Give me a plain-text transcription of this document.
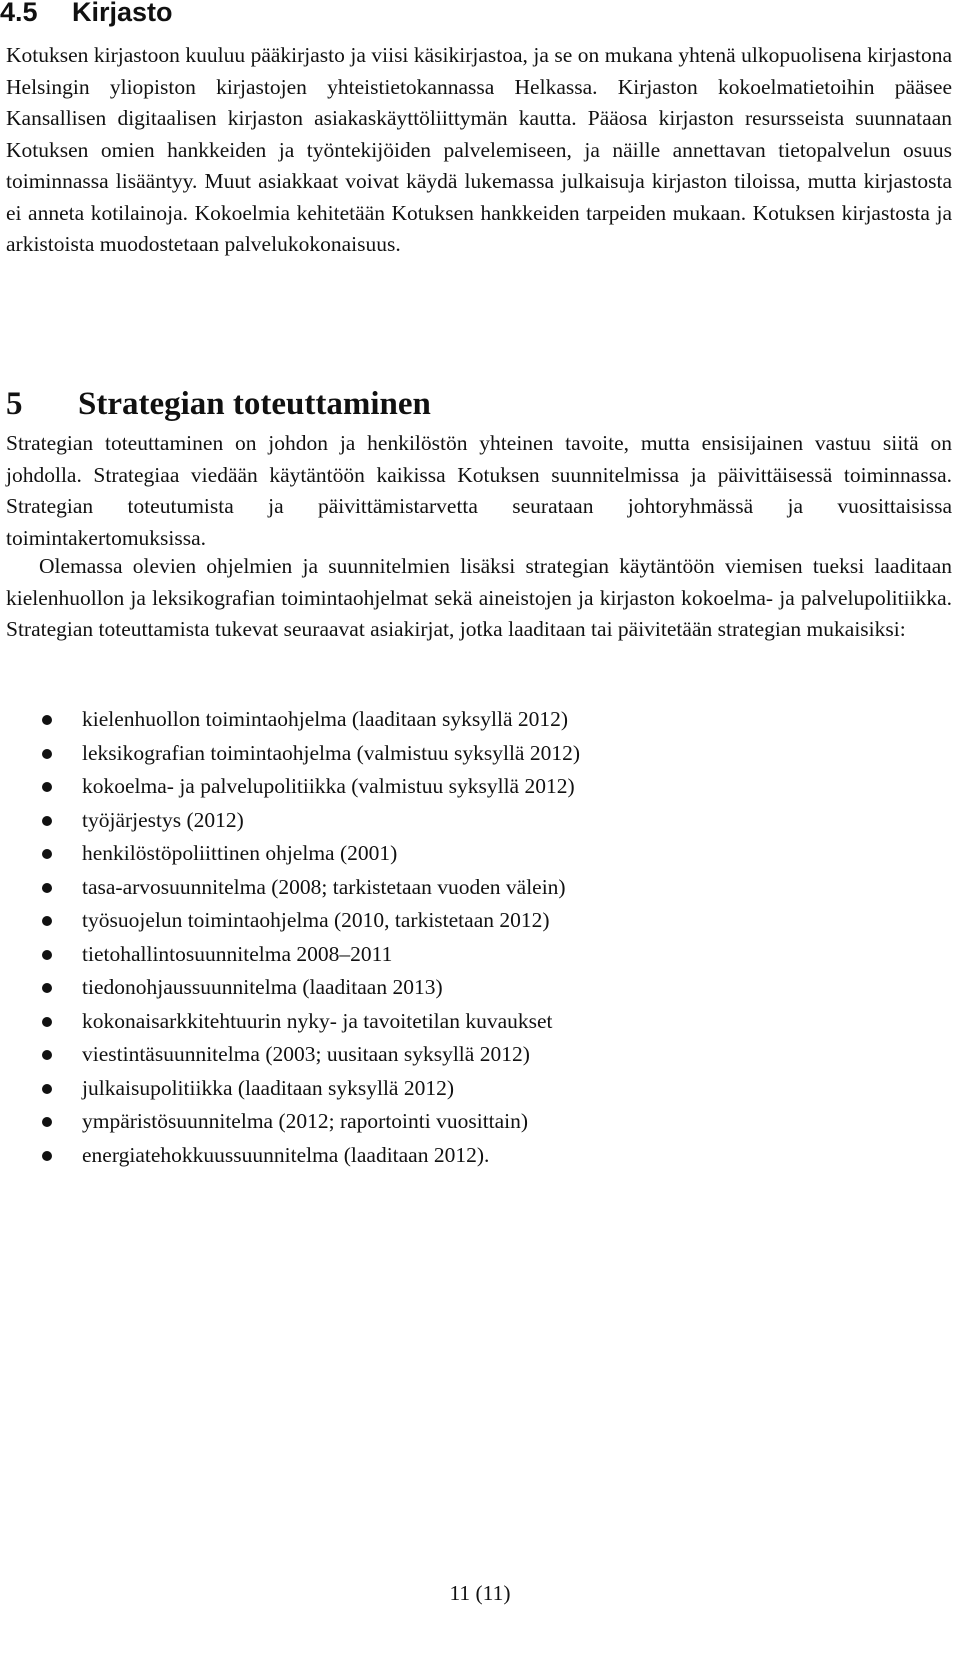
4.5 Kirjasto

Kotuksen kirjastoon kuuluu pääkirjasto ja viisi käsikirjastoa, ja se on mukana yhtenä ulkopuolisena kirjastona Helsingin yliopiston kirjastojen yhteistietokannassa Helkassa. Kirjaston kokoelmatietoihin pääsee Kansallisen digitaalisen kirjaston asiakaskäyttöliittymän kautta. Pääosa kirjaston resursseista suunnataan Kotuksen omien hankkeiden ja työntekijöiden palvelemiseen, ja näille annettavan tietopalvelun osuus toiminnassa lisääntyy. Muut asiakkaat voivat käydä lukemassa julkaisuja kirjaston tiloissa, mutta kirjastosta ei anneta kotilainoja. Kokoelmia kehitetään Kotuksen hankkeiden tarpeiden mukaan. Kotuksen kirjastosta ja arkistoista muodostetaan palvelukokonaisuus.

5 Strategian toteuttaminen

Strategian toteuttaminen on johdon ja henkilöstön yhteinen tavoite, mutta ensisijainen vastuu siitä on johdolla. Strategiaa viedään käytäntöön kaikissa Kotuksen suunnitelmissa ja päivittäisessä toiminnassa. Strategian toteutumista ja päivittämistarvetta seurataan johtoryhmässä ja vuosittaisissa toimintakertomuksissa.

Olemassa olevien ohjelmien ja suunnitelmien lisäksi strategian käytäntöön viemisen tueksi laaditaan kielenhuollon ja leksikografian toimintaohjelmat sekä aineistojen ja kirjaston kokoelma- ja palvelupolitiikka. Strategian toteuttamista tukevat seuraavat asiakirjat, jotka laaditaan tai päivitetään strategian mukaisiksi:

kielenhuollon toimintaohjelma (laaditaan syksyllä 2012)
leksikografian toimintaohjelma (valmistuu syksyllä 2012)
kokoelma- ja palvelupolitiikka (valmistuu syksyllä 2012)
työjärjestys (2012)
henkilöstöpoliittinen ohjelma (2001)
tasa-arvosuunnitelma (2008; tarkistetaan vuoden välein)
työsuojelun toimintaohjelma (2010, tarkistetaan 2012)
tietohallintosuunnitelma 2008–2011
tiedonohjaussuunnitelma (laaditaan 2013)
kokonaisarkkitehtuurin nyky- ja tavoitetilan kuvaukset
viestintäsuunnitelma (2003; uusitaan syksyllä 2012)
julkaisupolitiikka (laaditaan syksyllä 2012)
ympäristösuunnitelma (2012; raportointi vuosittain)
energiatehokkuussuunnitelma (laaditaan 2012).
11 (11)
